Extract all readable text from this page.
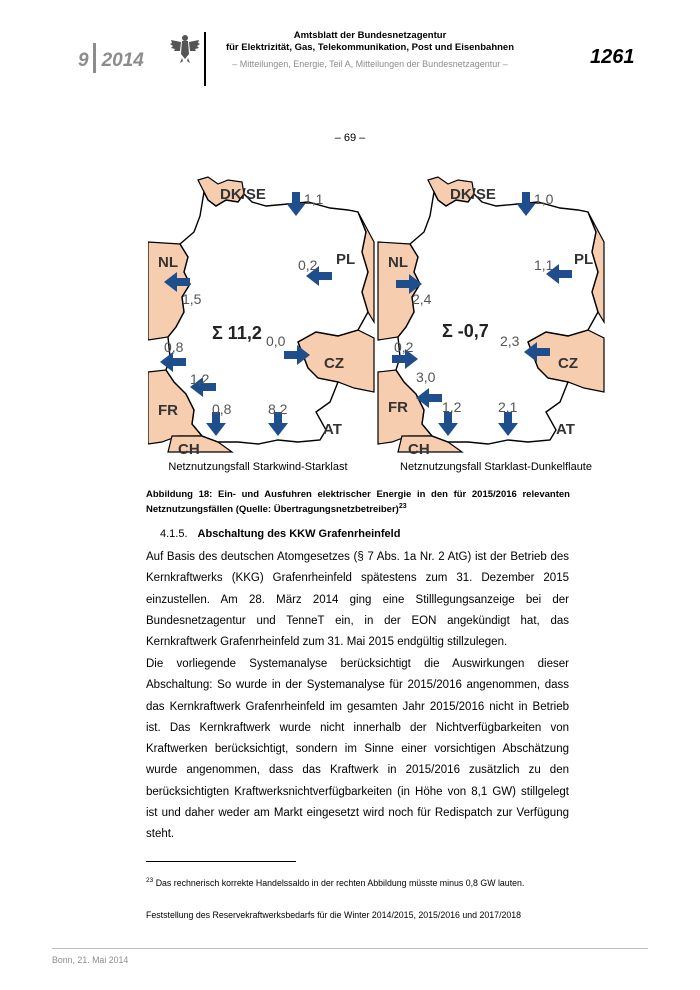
9 2014
Amtsblatt der Bundesnetzagentur
für Elektrizität, Gas, Telekommunikation, Post und Eisenbahnen
– Mitteilungen, Energie, Teil A, Mitteilungen der Bundesnetzagentur –	1261
– 69 –
DK/SE
NL	PL
CZ
FR
AT
CH
1,1
0,2
1,5
0,0
0,8
1,2
0,8	8,2
Σ 11,2
DK/SE
NL	PL
CZ
FR
AT
CH
1,0
1,1
2,4
2,3
0,2
3,0
1,2	2,1
Σ -0,7
Netznutzungsfall Starkwind-Starklast	Netznutzungsfall Starklast-Dunkelflaute
Abbildung 18: Ein- und Ausfuhren elektrischer Energie in den für 2015/2016 relevanten Netznutzungsfällen (Quelle: Übertragungsnetzbetreiber)$^{23}$
4.1.5. Abschaltung des KKW Grafenrheinfeld
Auf Basis des deutschen Atomgesetzes (§ 7 Abs. 1a Nr. 2 AtG) ist der Betrieb des Kernkraftwerks (KKG) Grafenrheinfeld spätestens zum 31. Dezember 2015 einzustellen. Am 28. März 2014 ging eine Stilllegungsanzeige bei der Bundesnetzagentur und TenneT ein, in der EON angekündigt hat, das Kernkraftwerk Grafenrheinfeld zum 31. Mai 2015 endgültig stillzulegen.
Die vorliegende Systemanalyse berücksichtigt die Auswirkungen dieser Abschaltung: So wurde in der Systemanalyse für 2015/2016 angenommen, dass das Kernkraftwerk Grafenrheinfeld im gesamten Jahr 2015/2016 nicht in Betrieb ist. Das Kernkraftwerk wurde nicht innerhalb der Nichtverfügbarkeiten von Kraftwerken berücksichtigt, sondern im Sinne einer vorsichtigen Abschätzung wurde angenommen, dass das Kraftwerk in 2015/2016 zusätzlich zu den berücksichtigten Kraftwerksnichtverfügbarkeiten (in Höhe von 8,1 GW) stillgelegt ist und daher weder am Markt eingesetzt wird noch für Redispatch zur Verfügung steht.
$^{23}$ Das rechnerisch korrekte Handelssaldo in der rechten Abbildung müsste minus 0,8 GW lauten.
Feststellung des Reservekraftwerksbedarfs für die Winter 2014/2015, 2015/2016 und 2017/2018
Bonn, 21. Mai 2014
